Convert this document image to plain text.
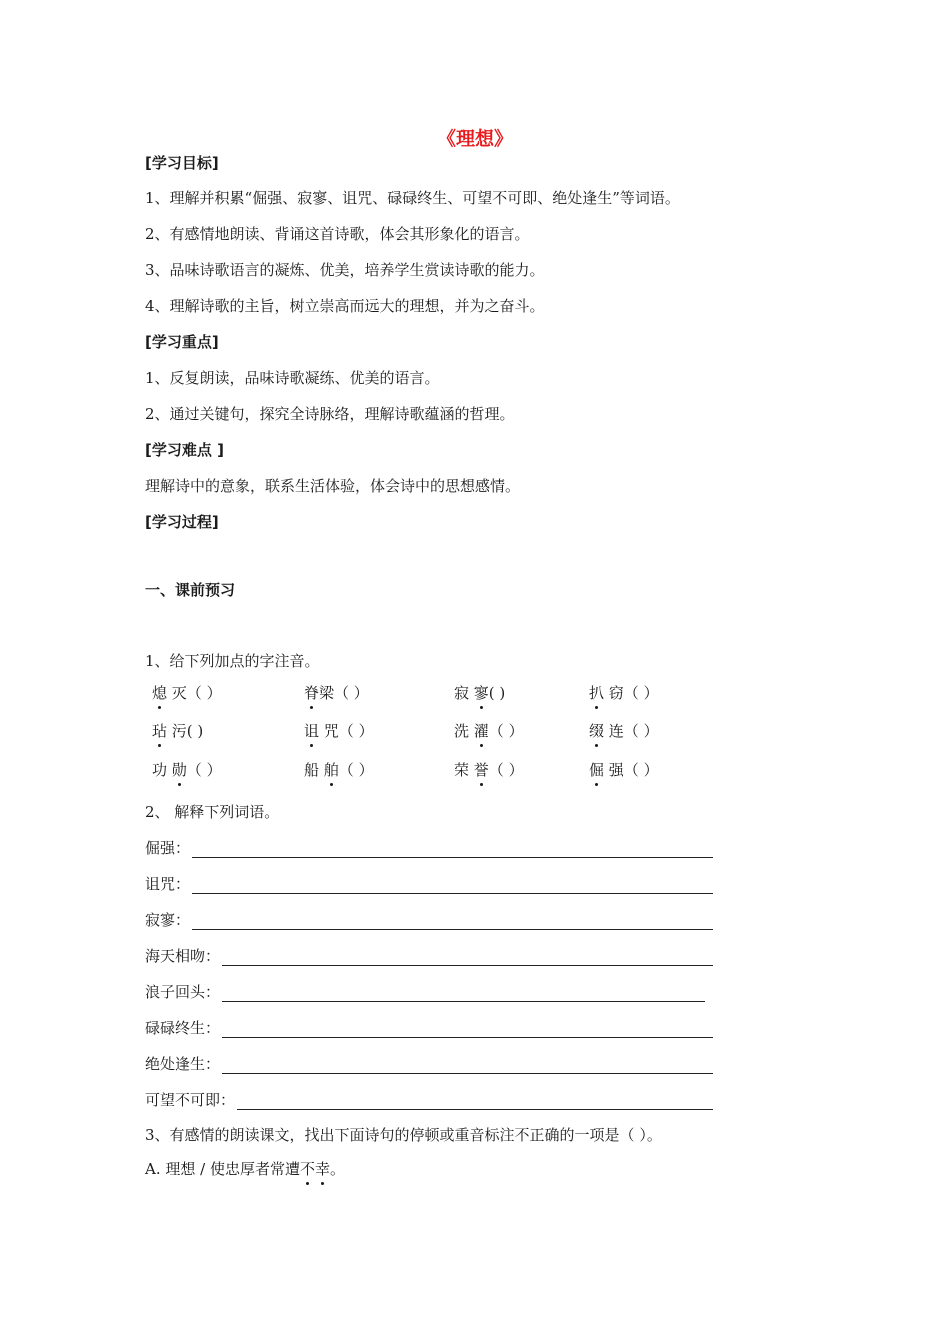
《理想》
[学习目标]
1、理解并积累“倔强、寂寥、诅咒、碌碌终生、可望不可即、绝处逢生”等词语。
2、有感情地朗读、背诵这首诗歌，体会其形象化的语言。
3、品味诗歌语言的凝炼、优美，培养学生赏读诗歌的能力。
4、理解诗歌的主旨，树立崇高而远大的理想，并为之奋斗。
[学习重点]
1、反复朗读，品味诗歌凝练、优美的语言。
2、通过关键句，探究全诗脉络，理解诗歌蕴涵的哲理。
[学习难点 ]
理解诗中的意象，联系生活体验，体会诗中的思想感情。
[学习过程]
一、课前预习
1、给下列加点的字注音。
熄 灭（ ）	脊梁（ ）	寂 寥( )	扒 窃（ ）
玷 污( )	诅 咒（ ）	洗 濯（ ）	缀 连（ ）
功 勋（ ）	船 舶（ ）	荣 誉（ ）	倔 强（ ）
2、 解释下列词语。
倔强：
诅咒：
寂寥：
海天相吻：
浪子回头：
碌碌终生：
绝处逢生：
可望不可即：
3、有感情的朗读课文，找出下面诗句的停顿或重音标注不正确的一项是（ ）。
A. 理想 / 使忠厚者常遭不幸。
